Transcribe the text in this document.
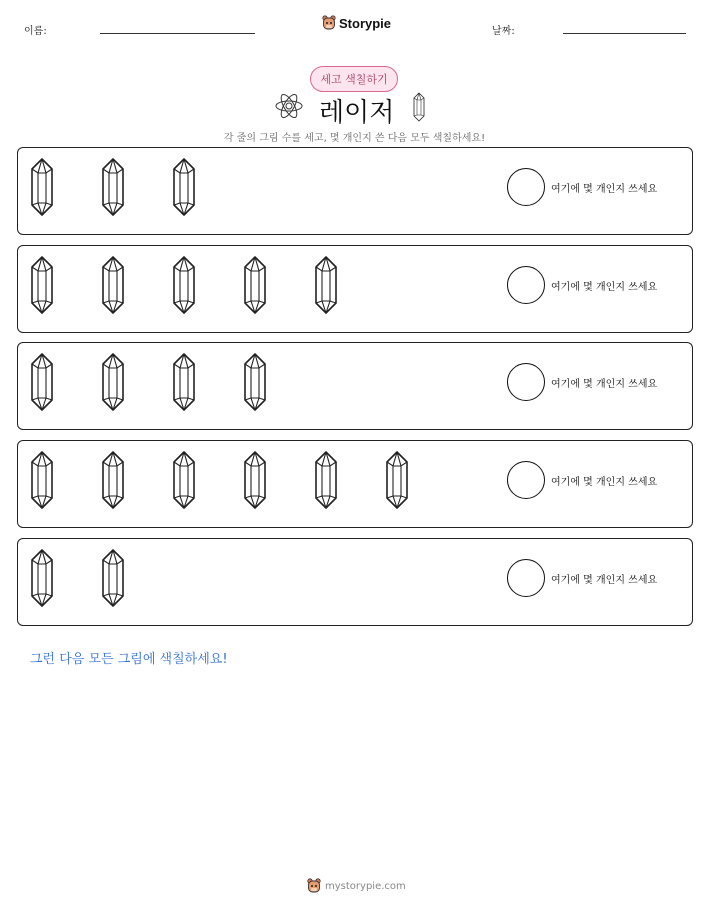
이름:
Storypie
날짜:
세고 색칠하기
레이저
각 줄의 그림 수를 세고, 몇 개인지 쓴 다음 모두 색칠하세요!
여기에 몇 개인지 쓰세요
여기에 몇 개인지 쓰세요
여기에 몇 개인지 쓰세요
여기에 몇 개인지 쓰세요
여기에 몇 개인지 쓰세요
그런 다음 모든 그림에 색칠하세요!
mystorypie.com
